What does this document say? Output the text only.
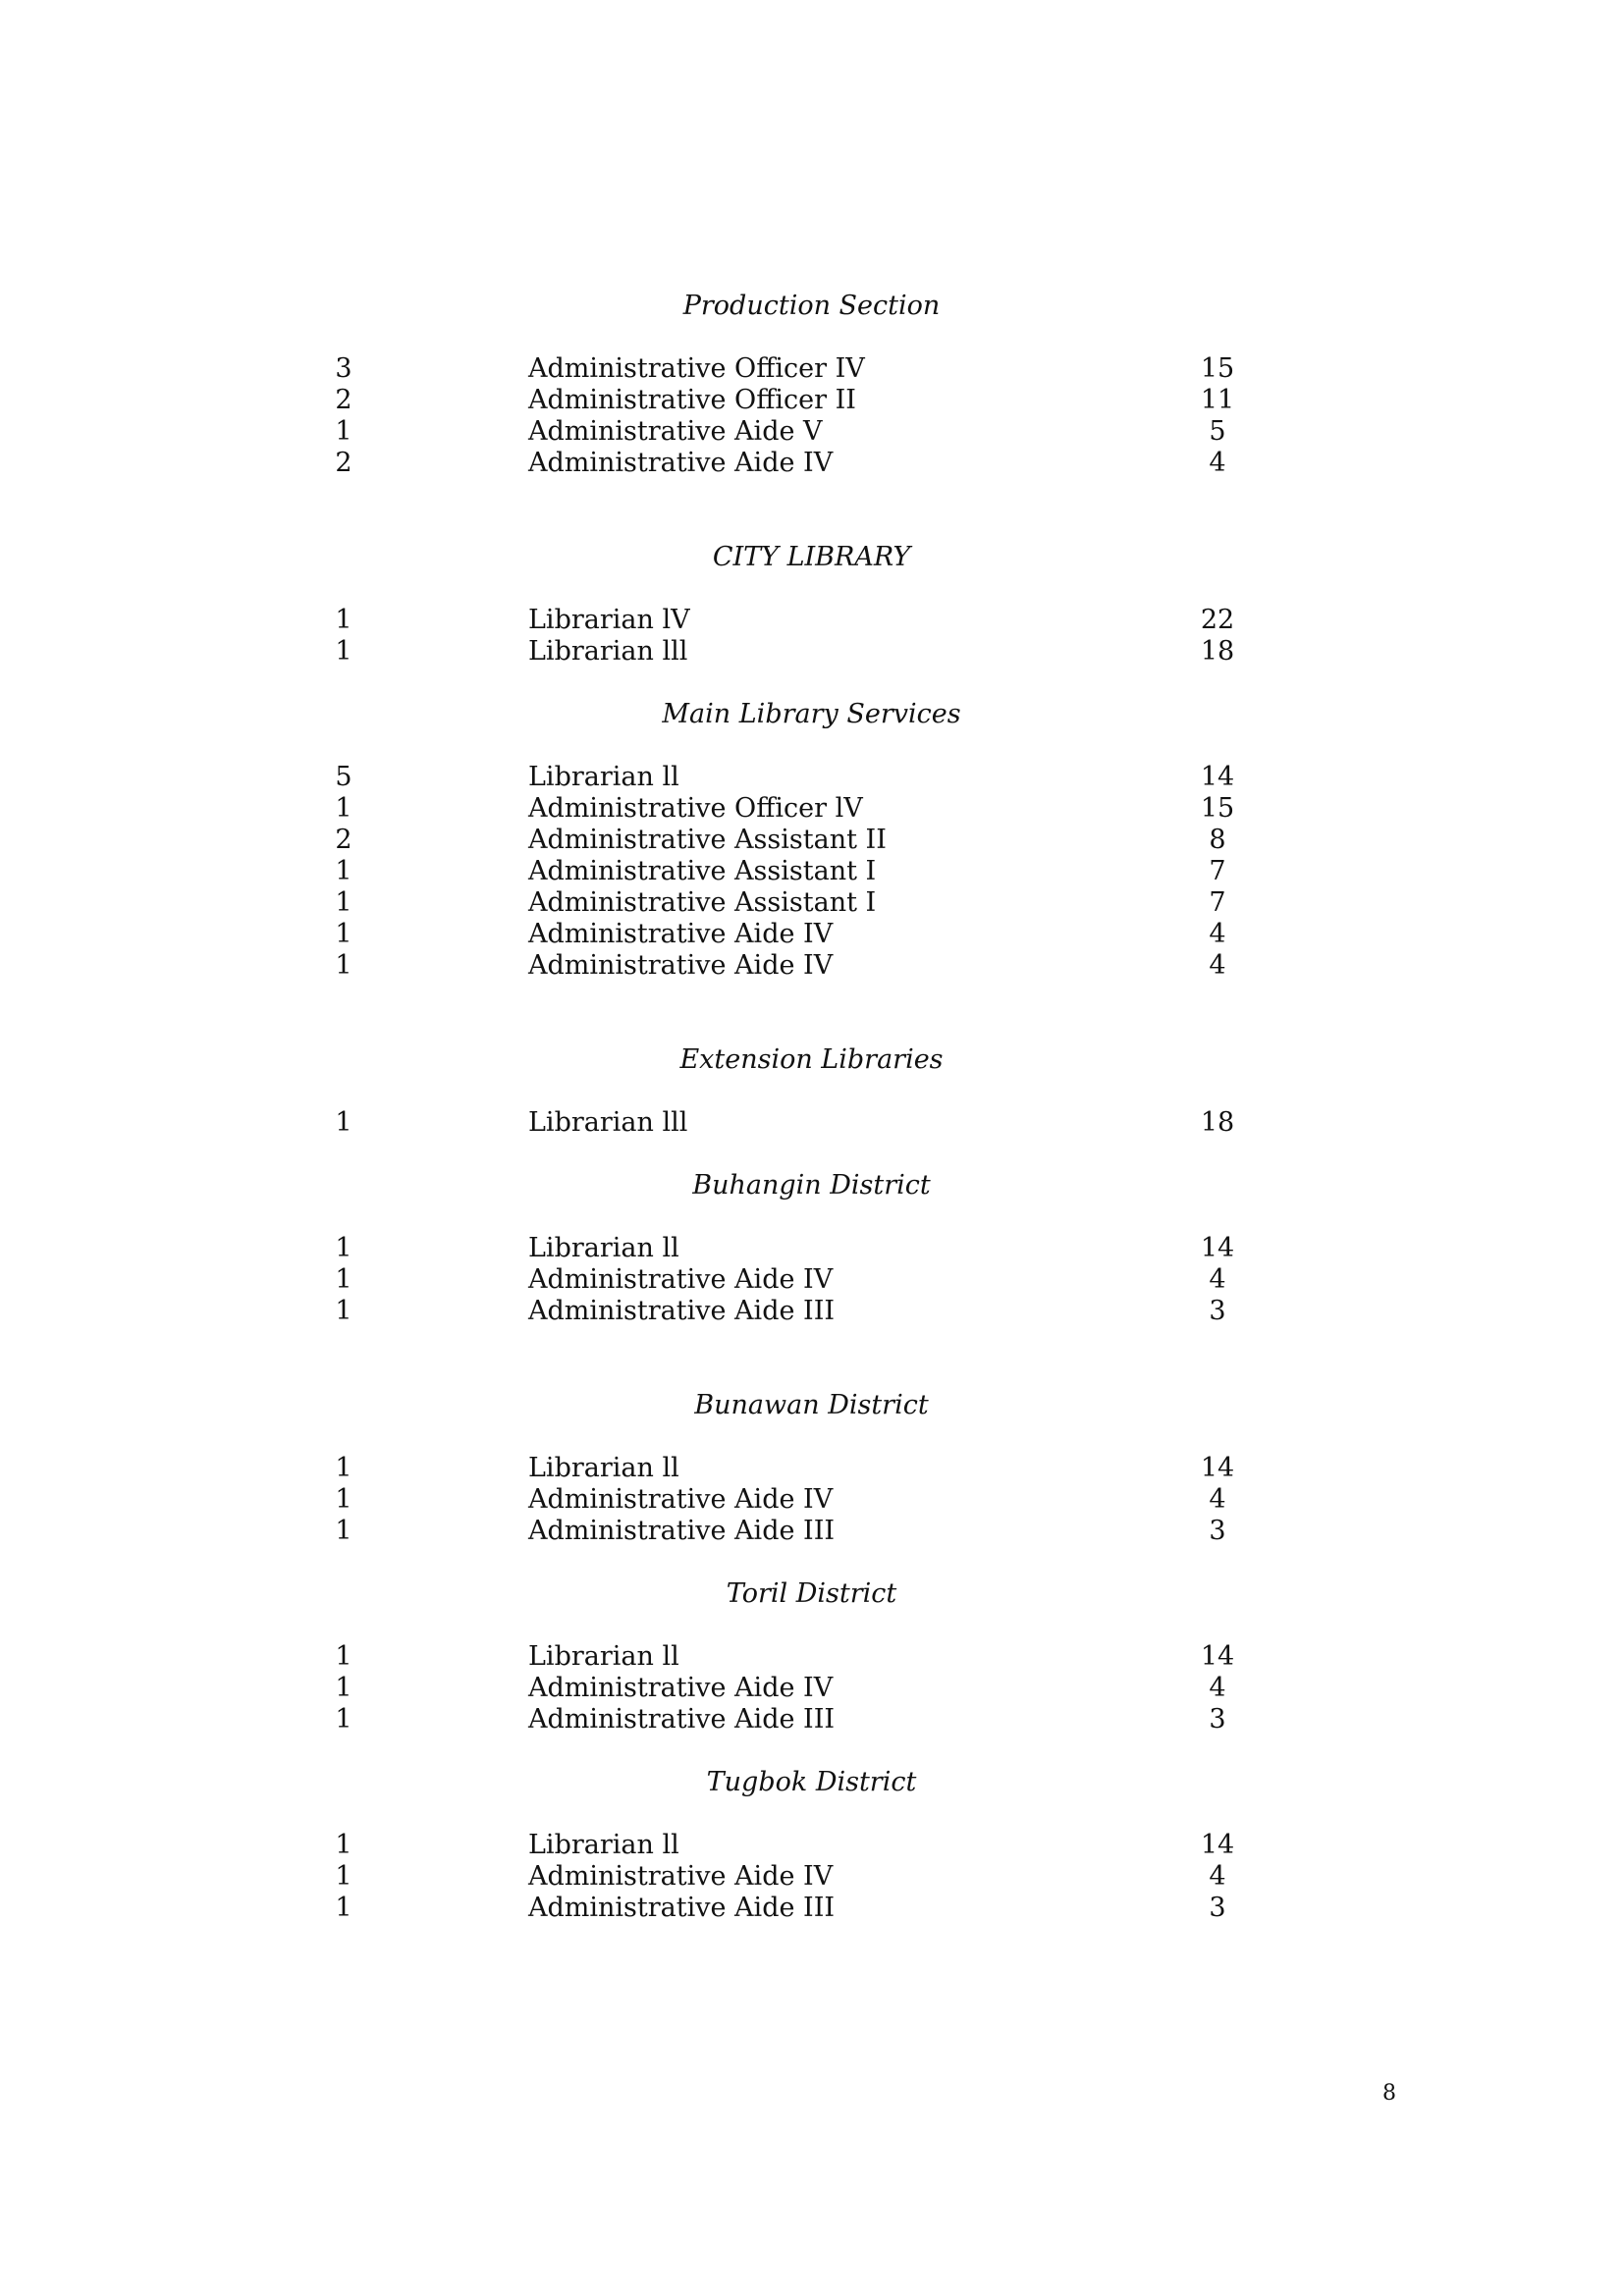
Production Section
3	Administrative Officer IV	15
2	Administrative Officer II	11
1	Administrative Aide V	5
2	Administrative Aide IV	4
CITY LIBRARY
1	Librarian lV	22
1	Librarian lll	18
Main Library Services
5	Librarian ll	14
1	Administrative Officer lV	15
2	Administrative Assistant II	8
1	Administrative Assistant I	7
1	Administrative Assistant I	7
1	Administrative Aide IV	4
1	Administrative Aide IV	4
Extension Libraries
1	Librarian lll	18
Buhangin District
1	Librarian ll	14
1	Administrative Aide IV	4
1	Administrative Aide III	3
Bunawan District
1	Librarian ll	14
1	Administrative Aide IV	4
1	Administrative Aide III	3
Toril District
1	Librarian ll	14
1	Administrative Aide IV	4
1	Administrative Aide III	3
Tugbok District
1	Librarian ll	14
1	Administrative Aide IV	4
1	Administrative Aide III	3
8
